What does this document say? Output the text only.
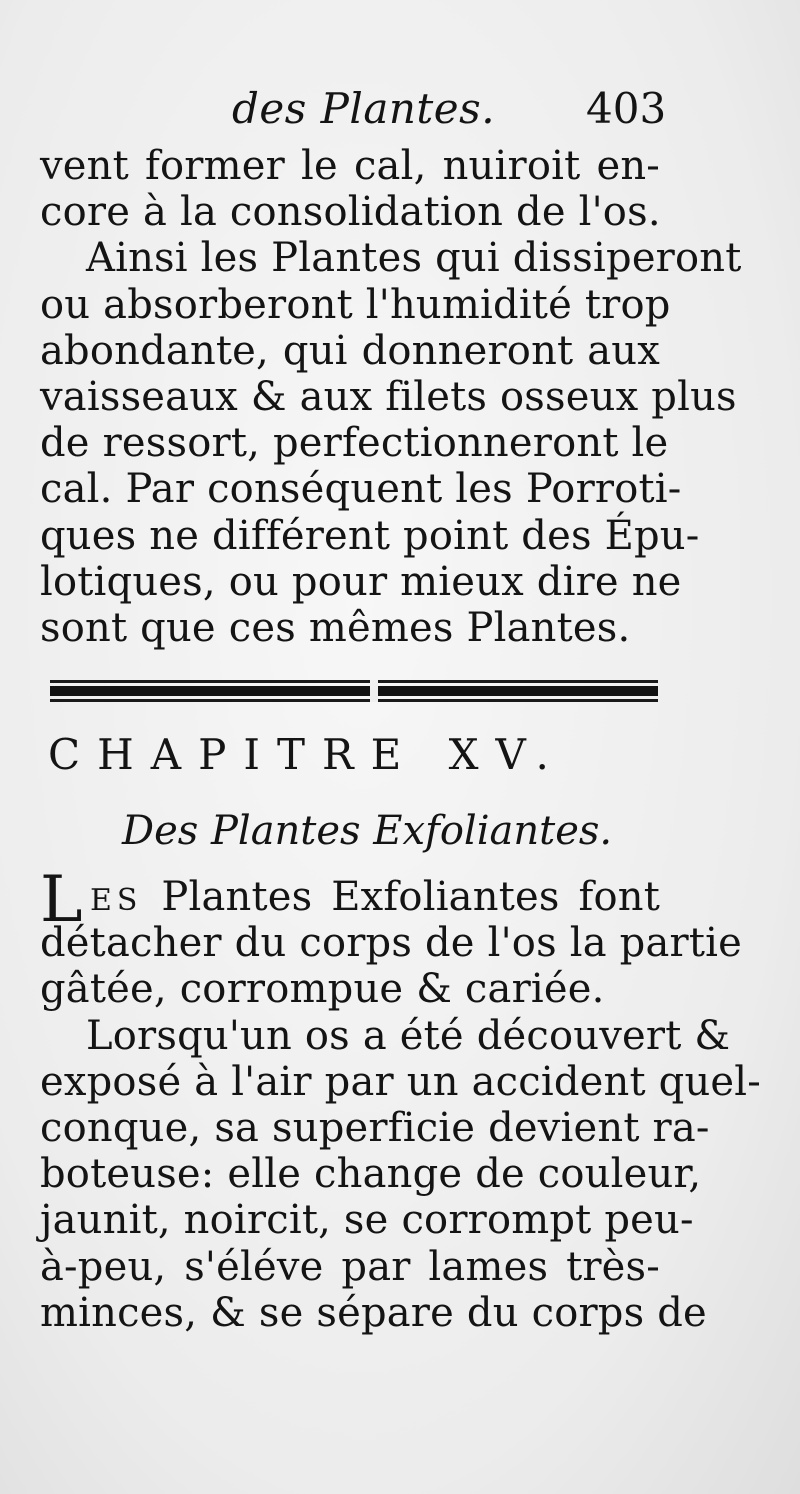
des Plantes. 403
vent former le cal, nuiroit en-
core à la consolidation de l'os.
Ainsi les Plantes qui dissiperont
ou absorberont l'humidité trop
abondante, qui donneront aux
vaisseaux & aux filets osseux plus
de ressort, perfectionneront le
cal. Par conséquent les Porroti-
ques ne différent point des Épu-
lotiques, ou pour mieux dire ne
sont que ces mêmes Plantes.
CHAPITRE XV.
Des Plantes Exfoliantes.
L ES Plantes Exfoliantes font
détacher du corps de l'os la partie
gâtée, corrompue & cariée.
Lorsqu'un os a été découvert &
exposé à l'air par un accident quel-
conque, sa superficie devient ra-
boteuse: elle change de couleur,
jaunit, noircit, se corrompt peu-
à-peu, s'éléve par lames très-
minces, & se sépare du corps de
